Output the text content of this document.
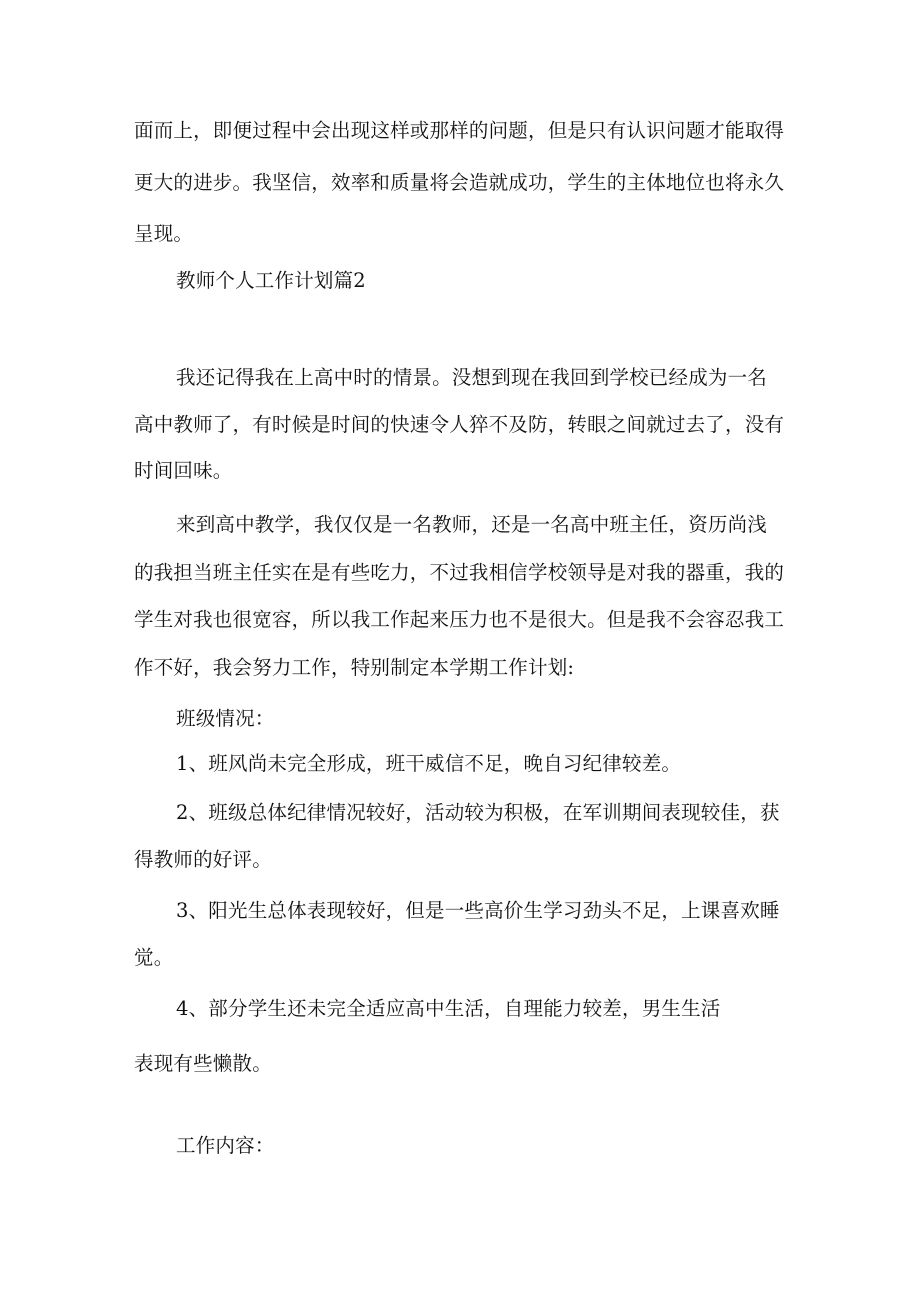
面而上，即便过程中会出现这样或那样的问题，但是只有认识问题才能取得
更大的进步。我坚信，效率和质量将会造就成功，学生的主体地位也将永久
呈现。
教师个人工作计划篇2
我还记得我在上高中时的情景。没想到现在我回到学校已经成为一名
高中教师了，有时候是时间的快速令人猝不及防，转眼之间就过去了，没有
时间回味。
来到高中教学，我仅仅是一名教师，还是一名高中班主任，资历尚浅
的我担当班主任实在是有些吃力，不过我相信学校领导是对我的器重，我的
学生对我也很宽容，所以我工作起来压力也不是很大。但是我不会容忍我工
作不好，我会努力工作，特别制定本学期工作计划:
班级情况：
1、班风尚未完全形成，班干威信不足，晚自习纪律较差。
2、班级总体纪律情况较好，活动较为积极，在军训期间表现较佳，获
得教师的好评。
3、阳光生总体表现较好，但是一些高价生学习劲头不足，上课喜欢睡
觉。
4、部分学生还未完全适应高中生活，自理能力较差，男生生活
表现有些懒散。
工作内容：
